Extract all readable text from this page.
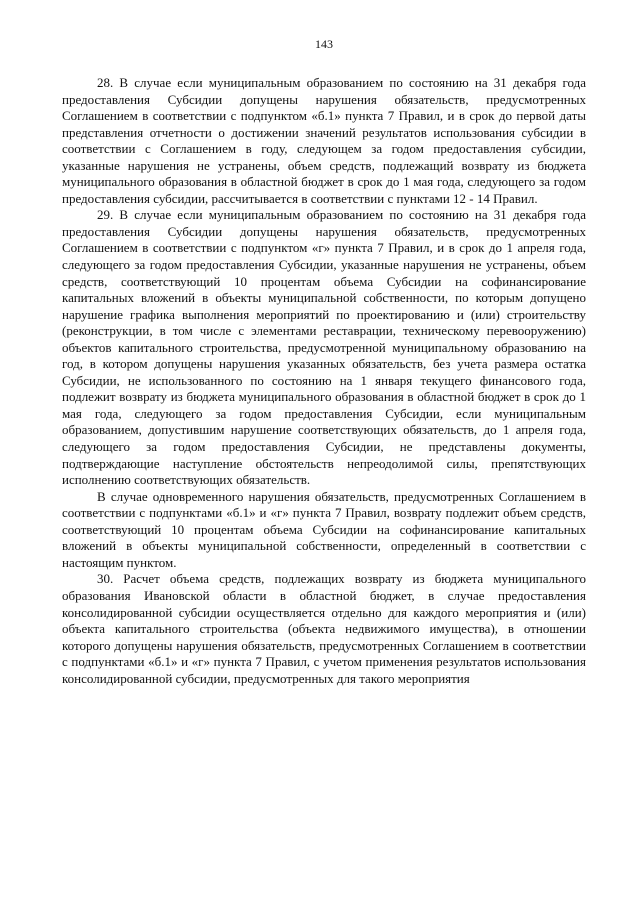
143

28. В случае если муниципальным образованием по состоянию на 31 декабря года предоставления Субсидии допущены нарушения обязательств, предусмотренных Соглашением в соответствии с подпунктом «б.1» пункта 7 Правил, и в срок до первой даты представления отчетности о достижении значений результатов использования субсидии в соответствии с Соглашением в году, следующем за годом предоставления субсидии, указанные нарушения не устранены, объем средств, подлежащий возврату из бюджета муниципального образования в областной бюджет в срок до 1 мая года, следующего за годом предоставления субсидии, рассчитывается в соответствии с пунктами 12 - 14 Правил.

29. В случае если муниципальным образованием по состоянию на 31 декабря года предоставления Субсидии допущены нарушения обязательств, предусмотренных Соглашением в соответствии с подпунктом «г» пункта 7 Правил, и в срок до 1 апреля года, следующего за годом предоставления Субсидии, указанные нарушения не устранены, объем средств, соответствующий 10 процентам объема Субсидии на софинансирование капитальных вложений в объекты муниципальной собственности, по которым допущено нарушение графика выполнения мероприятий по проектированию и (или) строительству (реконструкции, в том числе с элементами реставрации, техническому перевооружению) объектов капитального строительства, предусмотренной муниципальному образованию на год, в котором допущены нарушения указанных обязательств, без учета размера остатка Субсидии, не использованного по состоянию на 1 января текущего финансового года, подлежит возврату из бюджета муниципального образования в областной бюджет в срок до 1 мая года, следующего за годом предоставления Субсидии, если муниципальным образованием, допустившим нарушение соответствующих обязательств, до 1 апреля года, следующего за годом предоставления Субсидии, не представлены документы, подтверждающие наступление обстоятельств непреодолимой силы, препятствующих исполнению соответствующих обязательств.

В случае одновременного нарушения обязательств, предусмотренных Соглашением в соответствии с подпунктами «б.1» и «г» пункта 7 Правил, возврату подлежит объем средств, соответствующий 10 процентам объема Субсидии на софинансирование капитальных вложений в объекты муниципальной собственности, определенный в соответствии с настоящим пунктом.

30. Расчет объема средств, подлежащих возврату из бюджета муниципального образования Ивановской области в областной бюджет, в случае предоставления консолидированной субсидии осуществляется отдельно для каждого мероприятия и (или) объекта капитального строительства (объекта недвижимого имущества), в отношении которого допущены нарушения обязательств, предусмотренных Соглашением в соответствии с подпунктами «б.1» и «г» пункта 7 Правил, с учетом применения результатов использования консолидированной субсидии, предусмотренных для такого мероприятия
